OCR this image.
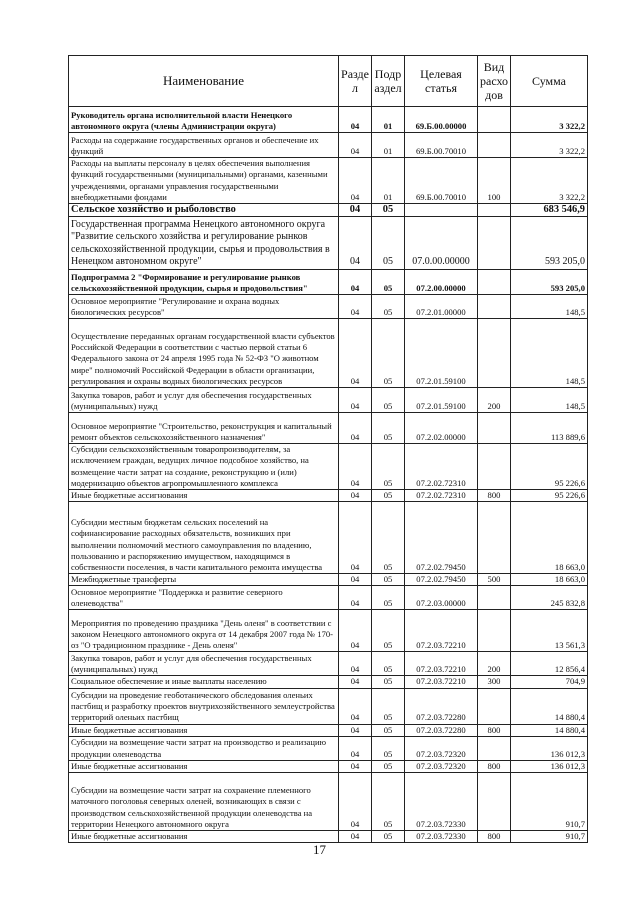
Наименование	Разде л	Подр аздел	Целевая статья	Вид расхо дов	Сумма
Руководитель органа исполнительной власти Ненецкого автономного округа (члены Администрации округа)	04	01	69.Б.00.00000		3 322,2
Расходы на содержание государственных органов и обеспечение их функций	04	01	69.Б.00.70010		3 322,2
Расходы на выплаты персоналу в целях обеспечения выполнения функций государственными (муниципальными) органами, казенными учреждениями, органами управления государственными внебюджетными фондами	04	01	69.Б.00.70010	100	3 322,2
Сельское хозяйство и рыболовство	04	05			683 546,9
Государственная программа Ненецкого автономного округа "Развитие сельского хозяйства и регулирование рынков сельскохозяйственной продукции, сырья и продовольствия в Ненецком автономном округе"	04	05	07.0.00.00000		593 205,0
Подпрограмма 2 "Формирование и регулирование рынков сельскохозяйственной продукции, сырья и продовольствия"	04	05	07.2.00.00000		593 205,0
Основное мероприятие "Регулирование и охрана водных биологических ресурсов"	04	05	07.2.01.00000		148,5
Осуществление переданных органам государственной власти субъектов Российской Федерации в соответствии с частью первой статьи 6 Федерального закона от 24 апреля 1995 года № 52-ФЗ "О животном мире" полномочий Российской Федерации в области организации, регулирования и охраны водных биологических ресурсов	04	05	07.2.01.59100		148,5
Закупка товаров, работ и услуг для обеспечения государственных (муниципальных) нужд	04	05	07.2.01.59100	200	148,5
Основное мероприятие "Строительство, реконструкция и капитальный ремонт объектов сельскохозяйственного назначения"	04	05	07.2.02.00000		113 889,6
Субсидии сельскохозяйственным товаропроизводителям, за исключением граждан, ведущих личное подсобное хозяйство, на возмещение части затрат на создание, реконструкцию и (или) модернизацию объектов агропромышленного комплекса	04	05	07.2.02.72310		95 226,6
Иные бюджетные ассигнования	04	05	07.2.02.72310	800	95 226,6
Субсидии местным бюджетам сельских поселений на софинансирование расходных обязательств, возникших при выполнении полномочий местного самоуправления по владению, пользованию и распоряжению имуществом, находящимся в собственности поселения, в части капитального ремонта имущества	04	05	07.2.02.79450		18 663,0
Межбюджетные трансферты	04	05	07.2.02.79450	500	18 663,0
Основное мероприятие "Поддержка и развитие северного оленеводства"	04	05	07.2.03.00000		245 832,8
Мероприятия по проведению праздника "День оленя" в соответствии с законом Ненецкого автономного округа от 14 декабря 2007 года № 170-оз "О традиционном празднике - День оленя"	04	05	07.2.03.72210		13 561,3
Закупка товаров, работ и услуг для обеспечения государственных (муниципальных) нужд	04	05	07.2.03.72210	200	12 856,4
Социальное обеспечение и иные выплаты населению	04	05	07.2.03.72210	300	704,9
Субсидии на проведение геоботанического обследования оленьих пастбищ и разработку проектов внутрихозяйственного землеустройства территорий оленьих пастбищ	04	05	07.2.03.72280		14 880,4
Иные бюджетные ассигнования	04	05	07.2.03.72280	800	14 880,4
Субсидии на возмещение части затрат на производство и реализацию продукции оленеводства	04	05	07.2.03.72320		136 012,3
Иные бюджетные ассигнования	04	05	07.2.03.72320	800	136 012,3
Субсидии на возмещение части затрат на сохранение племенного маточного поголовья северных оленей, возникающих в связи с производством сельскохозяйственной продукции оленеводства на территории Ненецкого автономного округа	04	05	07.2.03.72330		910,7
Иные бюджетные ассигнования	04	05	07.2.03.72330	800	910,7
17
